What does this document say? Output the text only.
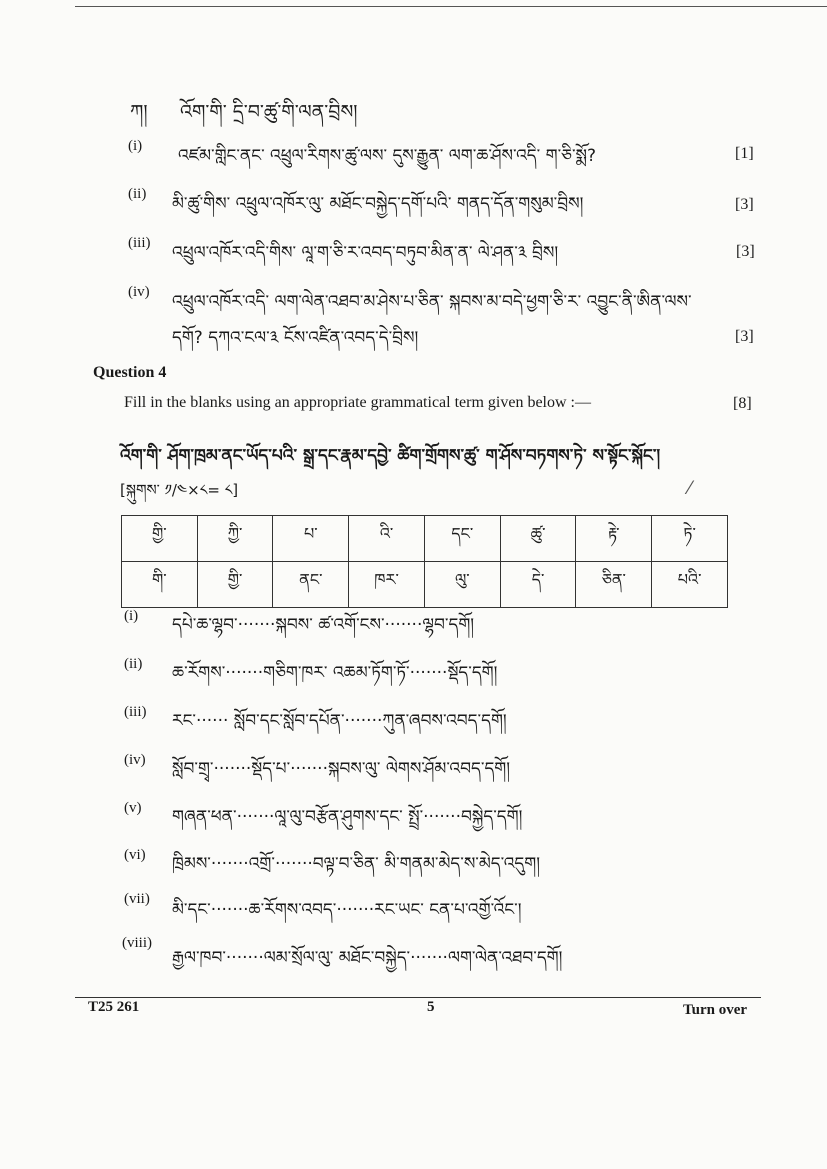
ཀ། འོག་གི་ དྲི་བ་ཚུ་གི་ལན་བྲིས།
(i) འཛམ་གླིང་ནང་ འཕྲུལ་རིགས་ཚུ་ལས་ དུས་རྒྱུན་ ལག་ཆ་ཤོས་འདི་ ག་ཅི་སྨོ?	[1]
(ii) མི་ཚུ་གིས་ འཕྲུལ་འཁོར་ལུ་ མཐོང་བསྐྱེད་དགོ་པའི་ གནད་དོན་གསུམ་བྲིས།	[3]
(iii) འཕྲུལ་འཁོར་འདི་གིས་ ལཱ་ག་ཅི་ར་འབད་བཏུབ་མིན་ན་ ལེ་ཤན་༣ བྲིས།	[3]
(iv) འཕྲུལ་འཁོར་འདི་ ལག་ལེན་འཐབ་མ་ཤེས་པ་ཅིན་ སྐབས་མ་བདེ་ཕྱག་ཅི་ར་ འབྱུང་ནི་ཨིན་ལས་
དགོ? དཀའ་ངལ་༣ ངོས་འཛིན་འབད་དེ་བྲིས།	[3]
Question 4
Fill in the blanks using an appropriate grammatical term given below :—	[8]
འོག་གི་ ཤོག་ཁྲམ་ནང་ཡོད་པའི་ སྒྲ་དང་རྣམ་དབྱེ་ ཚིག་གྲོགས་ཚུ་ ག་ཤོས་བཏགས་ཏེ་ ས་སྟོང་སྐོང་།
[སྐུགས་ ༡/༤×༨= ༨]	⁄
གྱི་	ཀྱི་	པ་	འི་	དང་	ཚུ་	རྟེ་	ཏེ་
གི་	གྱི་	ནང་	ཁར་	ལུ་	དེ་	ཅིན་	པའི་
(i) དཔེ་ཆ་ལྷབ་·······སྐབས་ ཚ་འགོ་ངས་·······ལྷབ་དགོ།
(ii) ཆ་རོགས་·······གཅིག་ཁར་ འཆམ་ཏོག་ཏོ་·······སྡོད་དགོ།
(iii) རང་······ སློབ་དང་སློབ་དཔོན་·······ཀུན་ཞབས་འབད་དགོ།
(iv) སློབ་གྲྭ་·······སྡོད་པ་·······སྐབས་ལུ་ ལེགས་ཤོམ་འབད་དགོ།
(v) གཞན་ཕན་·······ལཱ་ལུ་བརྩོན་ཤུགས་དང་ སྤྲོ་·······བསྐྱེད་དགོ།
(vi) ཁྲིམས་·······འགྲོ་·······བལྟ་བ་ཅིན་ མི་གནམ་མེད་ས་མེད་འདུག།
(vii)
མི་དང་·······ཆ་རོགས་འབད་·······རང་ཡང་ ངན་པ་འགྱོ་འོང་།
(viii)
རྒྱལ་ཁབ་·······ལམ་སྲོལ་ལུ་ མཐོང་བསྐྱེད་·······ལག་ལེན་འཐབ་དགོ།
T25 261	5	Turn over
